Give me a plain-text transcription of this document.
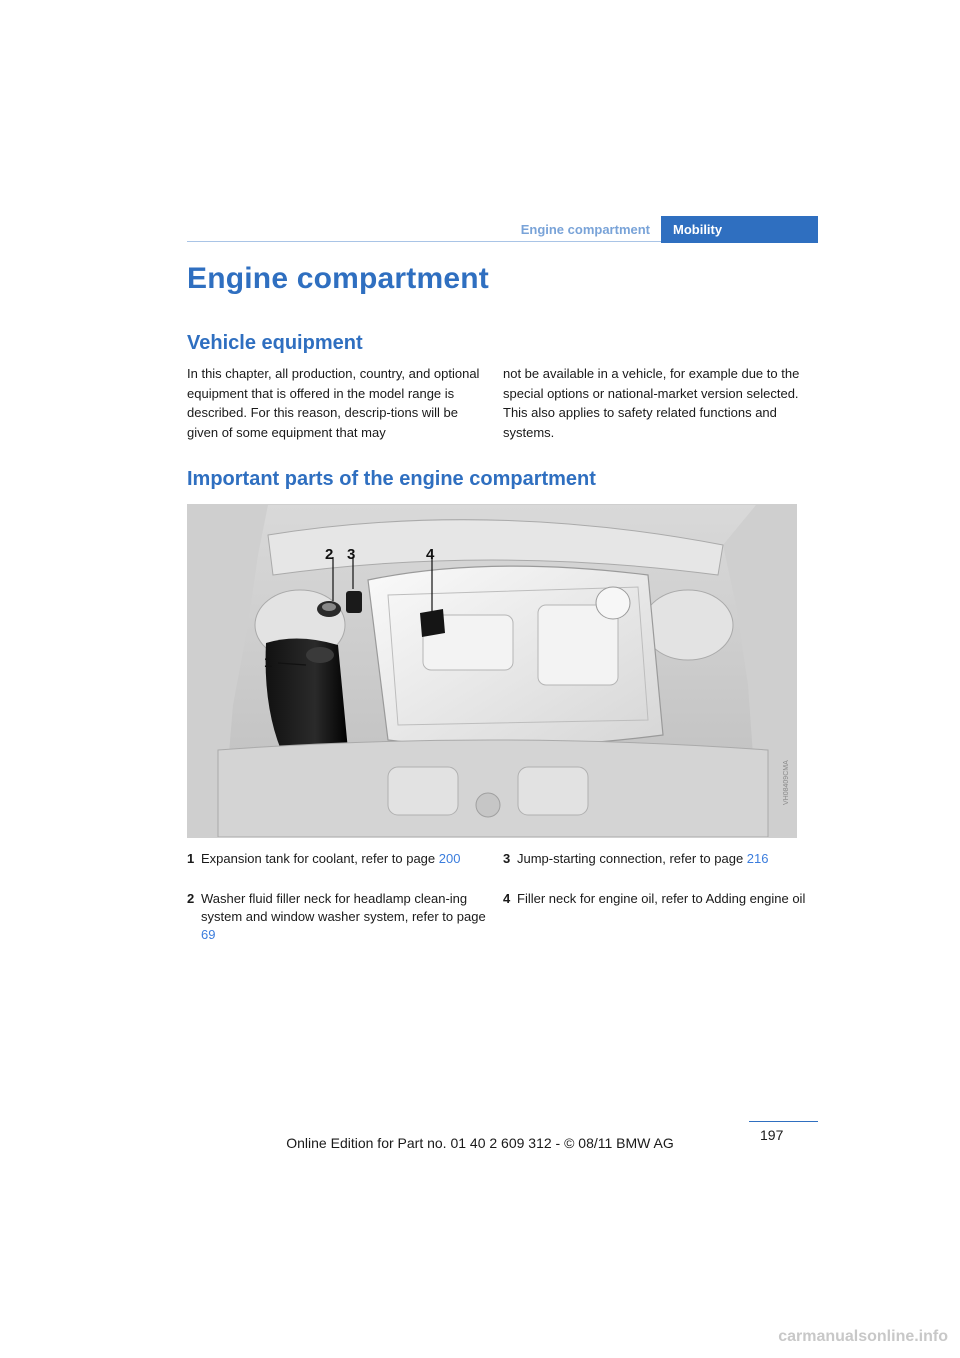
Engine compartment	Mobility
Engine compartment
Vehicle equipment
In this chapter, all production, country, and optional equipment that is offered in the model range is described. For this reason, descrip-tions will be given of some equipment that may
not be available in a vehicle, for example due to the special options or national-market version selected. This also applies to safety related functions and systems.
Important parts of the engine compartment
2 3	4
1
VH08409CMA
1 Expansion tank for coolant, refer to page 200
2 Washer fluid filler neck for headlamp clean-ing system and window washer system, refer to page 69
3 Jump-starting connection, refer to page 216
4 Filler neck for engine oil, refer to Adding engine oil
197
Online Edition for Part no. 01 40 2 609 312 - © 08/11 BMW AG
carmanualsonline.info
